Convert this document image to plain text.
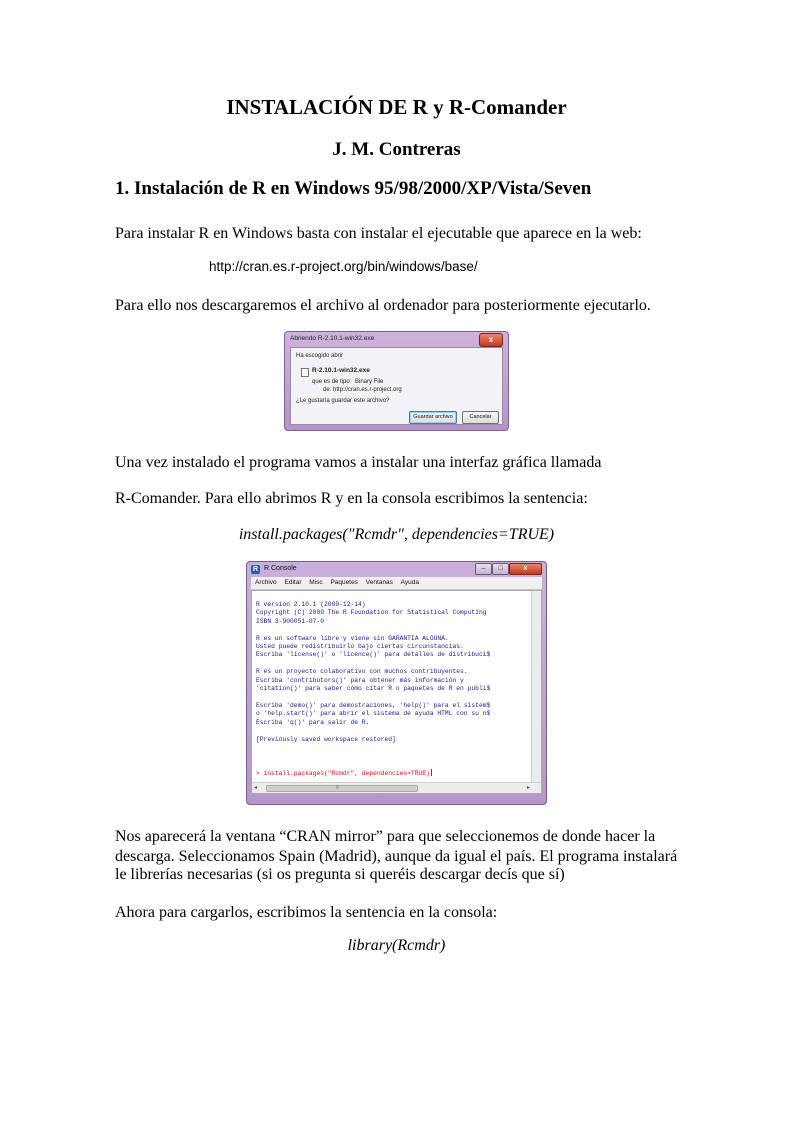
INSTALACIÓN DE R y R-Comander
J. M. Contreras
1. Instalación de R en Windows 95/98/2000/XP/Vista/Seven
Para instalar R en Windows basta con instalar el ejecutable que aparece en la web:
http://cran.es.r-project.org/bin/windows/base/
Para ello nos descargaremos el archivo al ordenador para posteriormente ejecutarlo.
Abriendo R-2.10.1-win32.exe	x
Ha escogido abrir
R-2.10.1-win32.exe
que es de tipo: Binary File
de: http://cran.es.r-project.org
¿Le gustaría guardar este archivo?
Guardar archivo	Cancelar
Una vez instalado el programa vamos a instalar una interfaz gráfica llamada
R-Comander. Para ello abrimos R y en la consola escribimos la sentencia:
install.packages("Rcmdr", dependencies=TRUE)
R R Console	–	□	x
Archivo Editar Misc Paquetes Ventanas Ayuda
R version 2.10.1 (2009-12-14)
Copyright (C) 2009 The R Foundation for Statistical Computing
ISBN 3-900051-07-0

R es un software libre y viene sin GARANTIA ALGUNA.
Usted puede redistribuirlo bajo ciertas circunstancias.
Escriba 'license()' o 'licence()' para detalles de distribuci$

R es un proyecto colaborativo con muchos contribuyentes.
Escriba 'contributors()' para obtener más información y
'citation()' para saber cómo citar R o paquetes de R en publi$

Escriba 'demo()' para demostraciones, 'help()' para el sistem$
o 'help.start()' para abrir el sistema de ayuda HTML con su n$
Escriba 'q()' para salir de R.

[Previously saved workspace restored]
> install.packages("Rcmdr", dependencies=TRUE)
◂	⦙⦙⦙	▸
Nos aparecerá la ventana “CRAN mirror” para que seleccionemos de donde hacer la
descarga. Seleccionamos Spain (Madrid), aunque da igual el país. El programa instalará
le librerías necesarias (si os pregunta si queréis descargar decís que sí)
Ahora para cargarlos, escribimos la sentencia en la consola:
library(Rcmdr)
